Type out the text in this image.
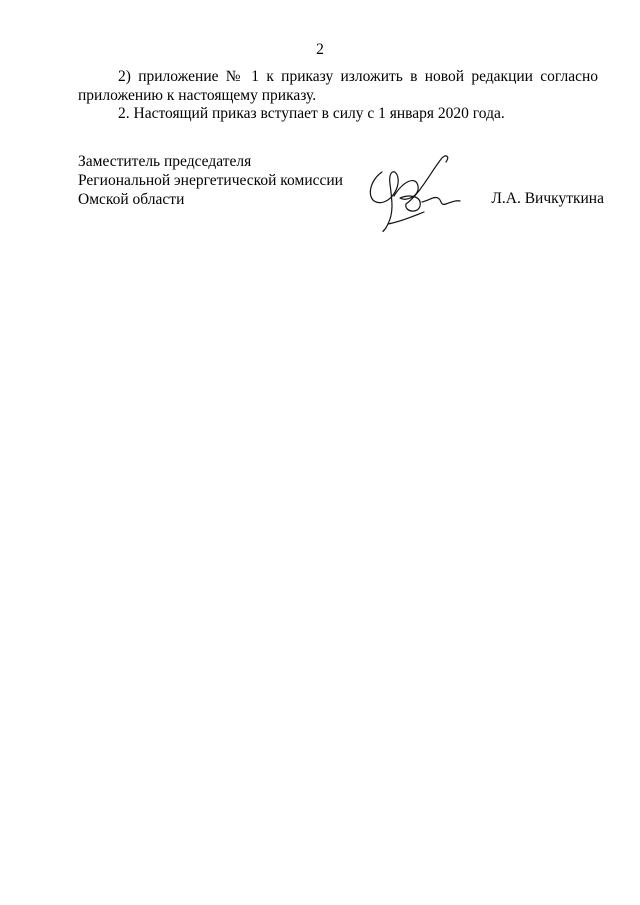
2
2) приложение № 1 к приказу изложить в новой редакции согласно
приложению к настоящему приказу.
2. Настоящий приказ вступает в силу с 1 января 2020 года.
Заместитель председателя
Региональной энергетической комиссии
Омской области	Л.А. Вичкуткина
